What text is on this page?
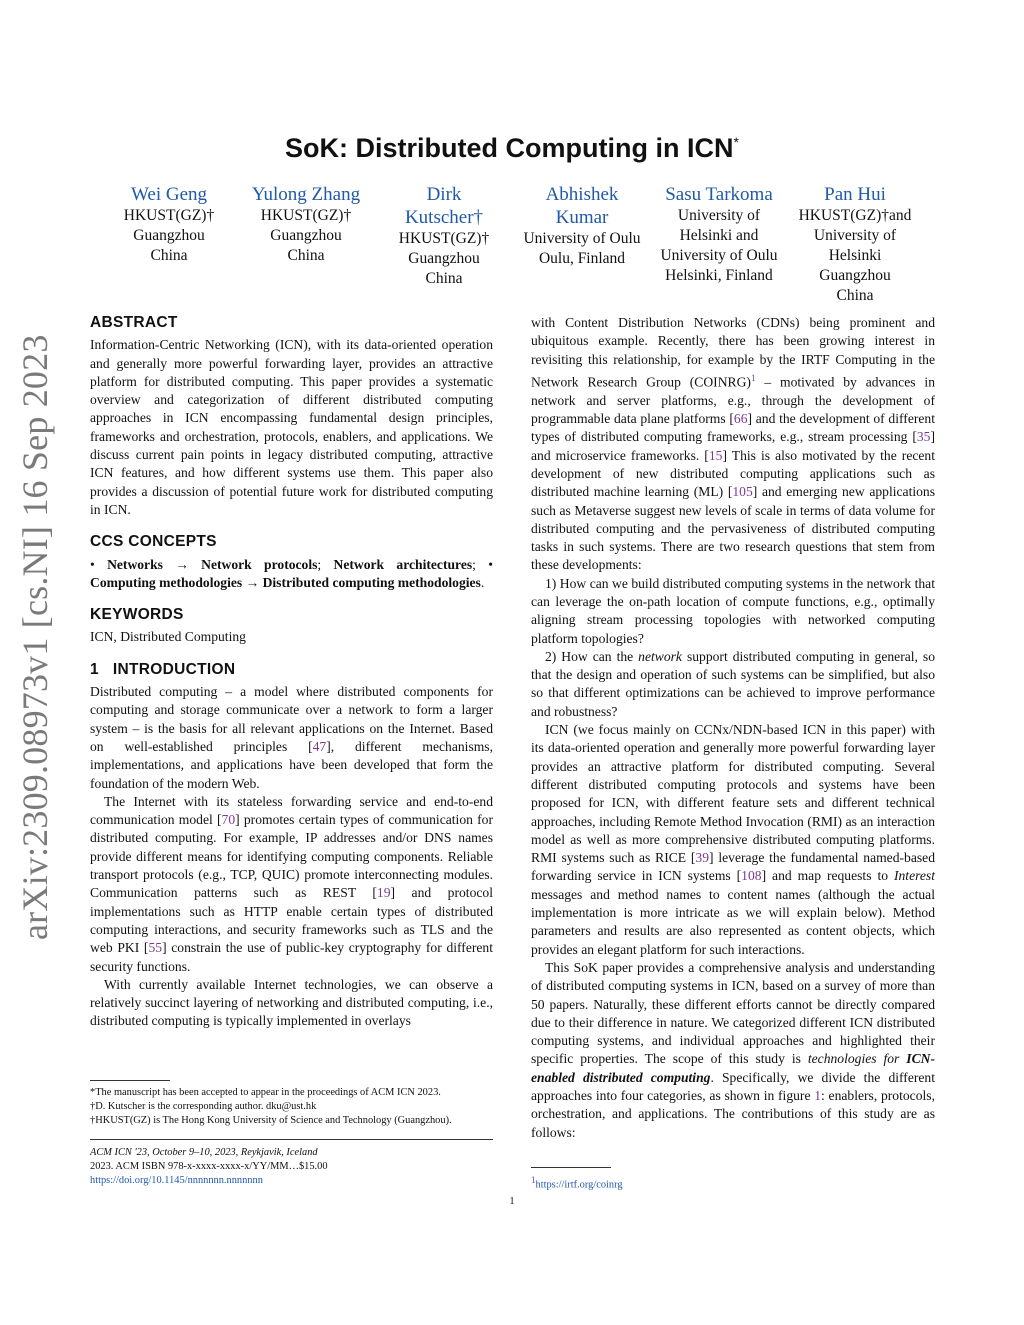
arXiv:2309.08973v1 [cs.NI] 16 Sep 2023
SoK: Distributed Computing in ICN*
Wei Geng
HKUST(GZ)†
Guangzhou
China
Yulong Zhang
HKUST(GZ)†
Guangzhou
China
Dirk Kutscher†
HKUST(GZ)†
Guangzhou
China
Abhishek Kumar
University of Oulu
Oulu, Finland
Sasu Tarkoma
University of Helsinki and University of Oulu
Helsinki, Finland
Pan Hui
HKUST(GZ)†and University of Helsinki
Guangzhou
China
ABSTRACT

Information-Centric Networking (ICN), with its data-oriented operation and generally more powerful forwarding layer, provides an attractive platform for distributed computing. This paper provides a systematic overview and categorization of different distributed computing approaches in ICN encompassing fundamental design principles, frameworks and orchestration, protocols, enablers, and applications. We discuss current pain points in legacy distributed computing, attractive ICN features, and how different systems use them. This paper also provides a discussion of potential future work for distributed computing in ICN.

CCS CONCEPTS

• Networks → Network protocols; Network architectures; • Computing methodologies → Distributed computing methodologies.

KEYWORDS

ICN, Distributed Computing

1 INTRODUCTION

Distributed computing – a model where distributed components for computing and storage communicate over a network to form a larger system – is the basis for all relevant applications on the Internet. Based on well-established principles [47], different mechanisms, implementations, and applications have been developed that form the foundation of the modern Web.

The Internet with its stateless forwarding service and end-to-end communication model [70] promotes certain types of communication for distributed computing. For example, IP addresses and/or DNS names provide different means for identifying computing components. Reliable transport protocols (e.g., TCP, QUIC) promote interconnecting modules. Communication patterns such as REST [19] and protocol implementations such as HTTP enable certain types of distributed computing interactions, and security frameworks such as TLS and the web PKI [55] constrain the use of public-key cryptography for different security functions.

With currently available Internet technologies, we can observe a relatively succinct layering of networking and distributed computing, i.e., distributed computing is typically implemented in overlays

with Content Distribution Networks (CDNs) being prominent and ubiquitous example. Recently, there has been growing interest in revisiting this relationship, for example by the IRTF Computing in the Network Research Group (COINRG)$^1$ – motivated by advances in network and server platforms, e.g., through the development of programmable data plane platforms [66] and the development of different types of distributed computing frameworks, e.g., stream processing [35] and microservice frameworks. [15] This is also motivated by the recent development of new distributed computing applications such as distributed machine learning (ML) [105] and emerging new applications such as Metaverse suggest new levels of scale in terms of data volume for distributed computing and the pervasiveness of distributed computing tasks in such systems. There are two research questions that stem from these developments:

1) How can we build distributed computing systems in the network that can leverage the on-path location of compute functions, e.g., optimally aligning stream processing topologies with networked computing platform topologies?

2) How can the network support distributed computing in general, so that the design and operation of such systems can be simplified, but also so that different optimizations can be achieved to improve performance and robustness?

ICN (we focus mainly on CCNx/NDN-based ICN in this paper) with its data-oriented operation and generally more powerful forwarding layer provides an attractive platform for distributed computing. Several different distributed computing protocols and systems have been proposed for ICN, with different feature sets and different technical approaches, including Remote Method Invocation (RMI) as an interaction model as well as more comprehensive distributed computing platforms. RMI systems such as RICE [39] leverage the fundamental named-based forwarding service in ICN systems [108] and map requests to Interest messages and method names to content names (although the actual implementation is more intricate as we will explain below). Method parameters and results are also represented as content objects, which provides an elegant platform for such interactions.

This SoK paper provides a comprehensive analysis and understanding of distributed computing systems in ICN, based on a survey of more than 50 papers. Naturally, these different efforts cannot be directly compared due to their difference in nature. We categorized different ICN distributed computing systems, and individual approaches and highlighted their specific properties. The scope of this study is technologies for ICN-enabled distributed computing. Specifically, we divide the different approaches into four categories, as shown in figure 1: enablers, protocols, orchestration, and applications. The contributions of this study are as follows:

*The manuscript has been accepted to appear in the proceedings of ACM ICN 2023.
†D. Kutscher is the corresponding author. dku@ust.hk
†HKUST(GZ) is The Hong Kong University of Science and Technology (Guangzhou).
ACM ICN '23, October 9–10, 2023, Reykjavik, Iceland
2023. ACM ISBN 978-x-xxxx-xxxx-x/YY/MM…$15.00
https://doi.org/10.1145/nnnnnnn.nnnnnnn	1https://irtf.org/coinrg
1
